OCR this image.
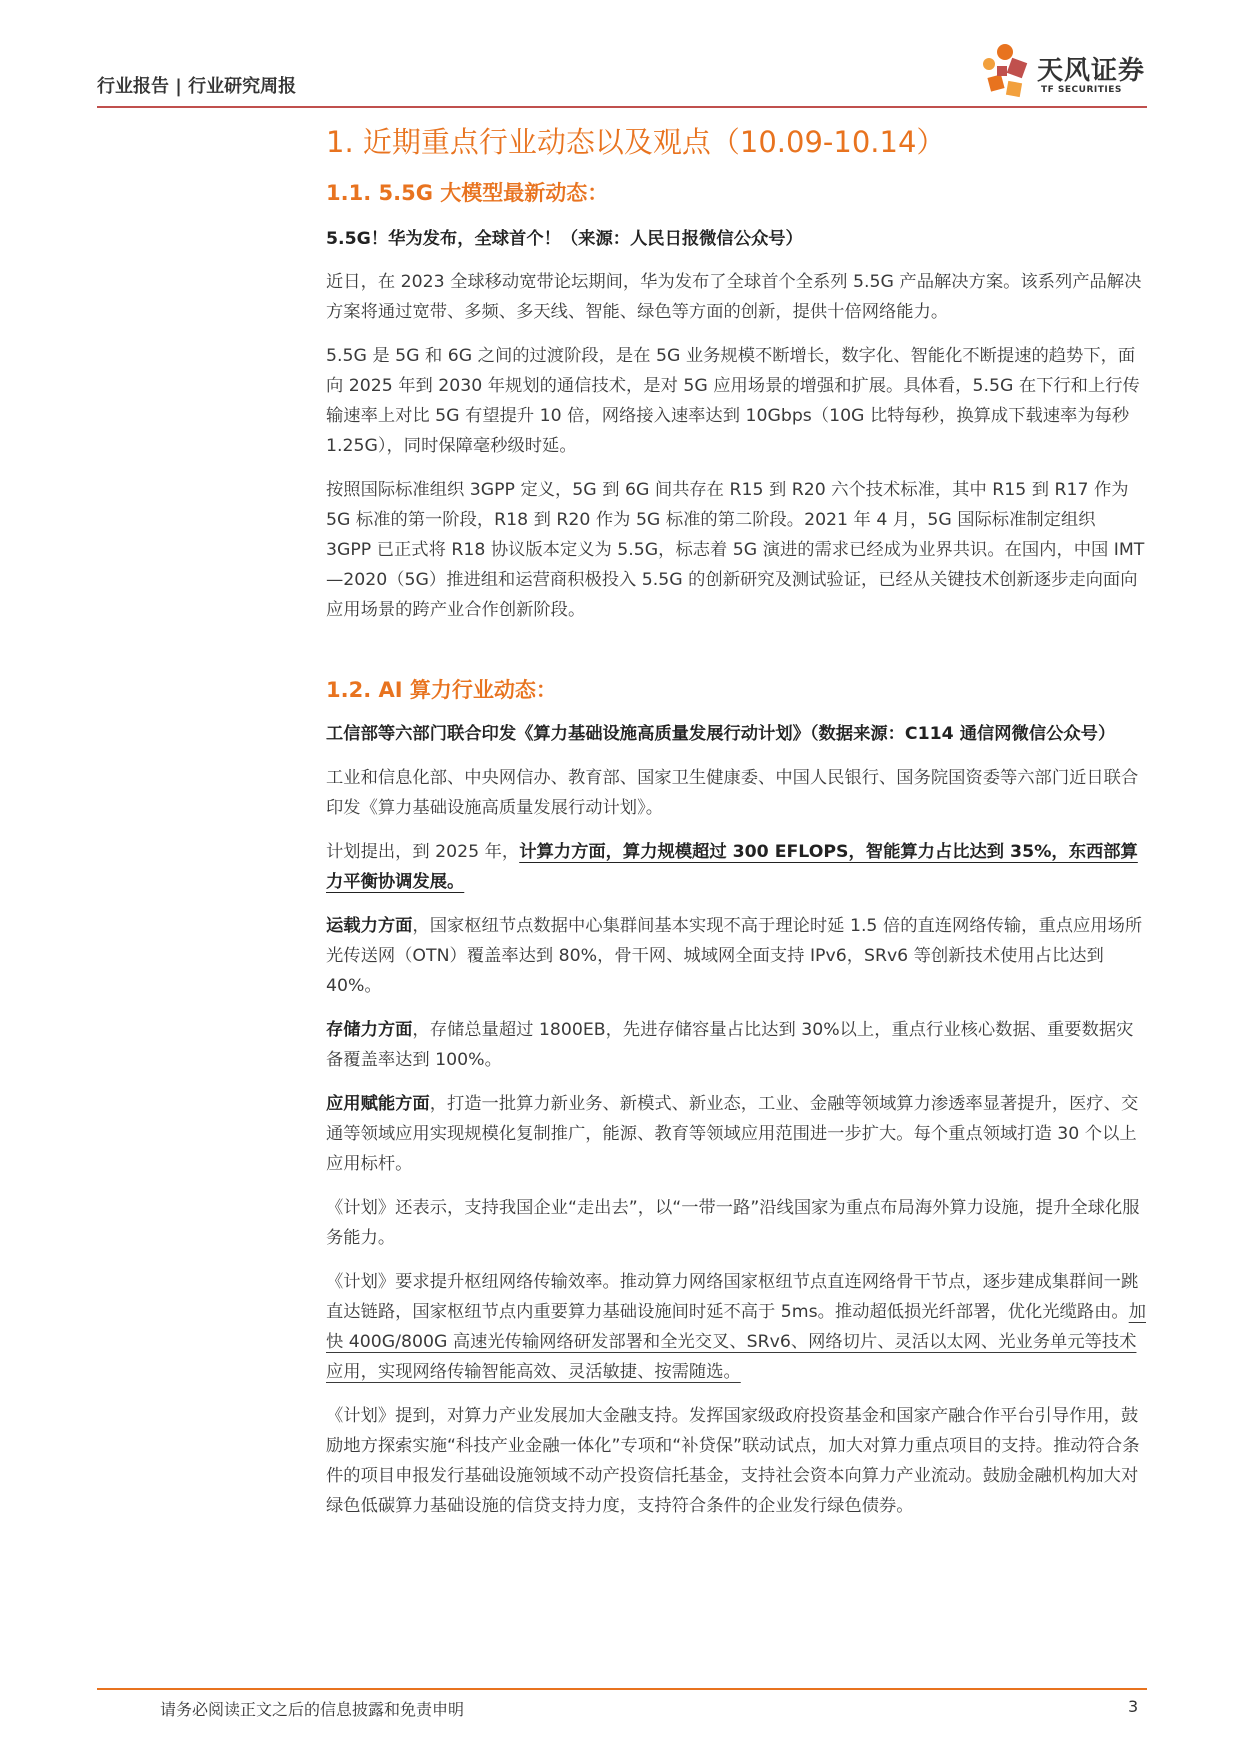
行业报告 | 行业研究周报
天风证券
TF SECURITIES
1. 近期重点行业动态以及观点（10.09-10.14）
1.1. 5.5G 大模型最新动态：

5.5G！华为发布，全球首个！（来源：人民日报微信公众号）

近日，在 2023 全球移动宽带论坛期间，华为发布了全球首个全系列 5.5G 产品解决方案。该系列产品解决方案将通过宽带、多频、多天线、智能、绿色等方面的创新，提供十倍网络能力。

5.5G 是 5G 和 6G 之间的过渡阶段，是在 5G 业务规模不断增长，数字化、智能化不断提速的趋势下，面向 2025 年到 2030 年规划的通信技术，是对 5G 应用场景的增强和扩展。具体看，5.5G 在下行和上行传输速率上对比 5G 有望提升 10 倍，网络接入速率达到 10Gbps（10G 比特每秒，换算成下载速率为每秒 1.25G），同时保障毫秒级时延。

按照国际标准组织 3GPP 定义，5G 到 6G 间共存在 R15 到 R20 六个技术标准，其中 R15 到 R17 作为 5G 标准的第一阶段，R18 到 R20 作为 5G 标准的第二阶段。2021 年 4 月，5G 国际标准制定组织 3GPP 已正式将 R18 协议版本定义为 5.5G，标志着 5G 演进的需求已经成为业界共识。在国内，中国 IMT—2020（5G）推进组和运营商积极投入 5.5G 的创新研究及测试验证，已经从关键技术创新逐步走向面向应用场景的跨产业合作创新阶段。

1.2. AI 算力行业动态：

工信部等六部门联合印发《算力基础设施高质量发展行动计划》（数据来源：C114 通信网微信公众号）

工业和信息化部、中央网信办、教育部、国家卫生健康委、中国人民银行、国务院国资委等六部门近日联合印发《算力基础设施高质量发展行动计划》。

计划提出，到 2025 年，计算力方面，算力规模超过 300 EFLOPS，智能算力占比达到 35%，东西部算力平衡协调发展。

运载力方面，国家枢纽节点数据中心集群间基本实现不高于理论时延 1.5 倍的直连网络传输，重点应用场所光传送网（OTN）覆盖率达到 80%，骨干网、城域网全面支持 IPv6，SRv6 等创新技术使用占比达到 40%。

存储力方面，存储总量超过 1800EB，先进存储容量占比达到 30%以上，重点行业核心数据、重要数据灾备覆盖率达到 100%。

应用赋能方面，打造一批算力新业务、新模式、新业态，工业、金融等领域算力渗透率显著提升，医疗、交通等领域应用实现规模化复制推广，能源、教育等领域应用范围进一步扩大。每个重点领域打造 30 个以上应用标杆。

《计划》还表示，支持我国企业“走出去”，以“一带一路”沿线国家为重点布局海外算力设施，提升全球化服务能力。

《计划》要求提升枢纽网络传输效率。推动算力网络国家枢纽节点直连网络骨干节点，逐步建成集群间一跳直达链路，国家枢纽节点内重要算力基础设施间时延不高于 5ms。推动超低损光纤部署，优化光缆路由。加快 400G/800G 高速光传输网络研发部署和全光交叉、SRv6、网络切片、灵活以太网、光业务单元等技术应用，实现网络传输智能高效、灵活敏捷、按需随选。

《计划》提到，对算力产业发展加大金融支持。发挥国家级政府投资基金和国家产融合作平台引导作用，鼓励地方探索实施“科技产业金融一体化”专项和“补贷保”联动试点，加大对算力重点项目的支持。推动符合条件的项目申报发行基础设施领域不动产投资信托基金，支持社会资本向算力产业流动。鼓励金融机构加大对绿色低碳算力基础设施的信贷支持力度，支持符合条件的企业发行绿色债券。

请务必阅读正文之后的信息披露和免责申明	3
